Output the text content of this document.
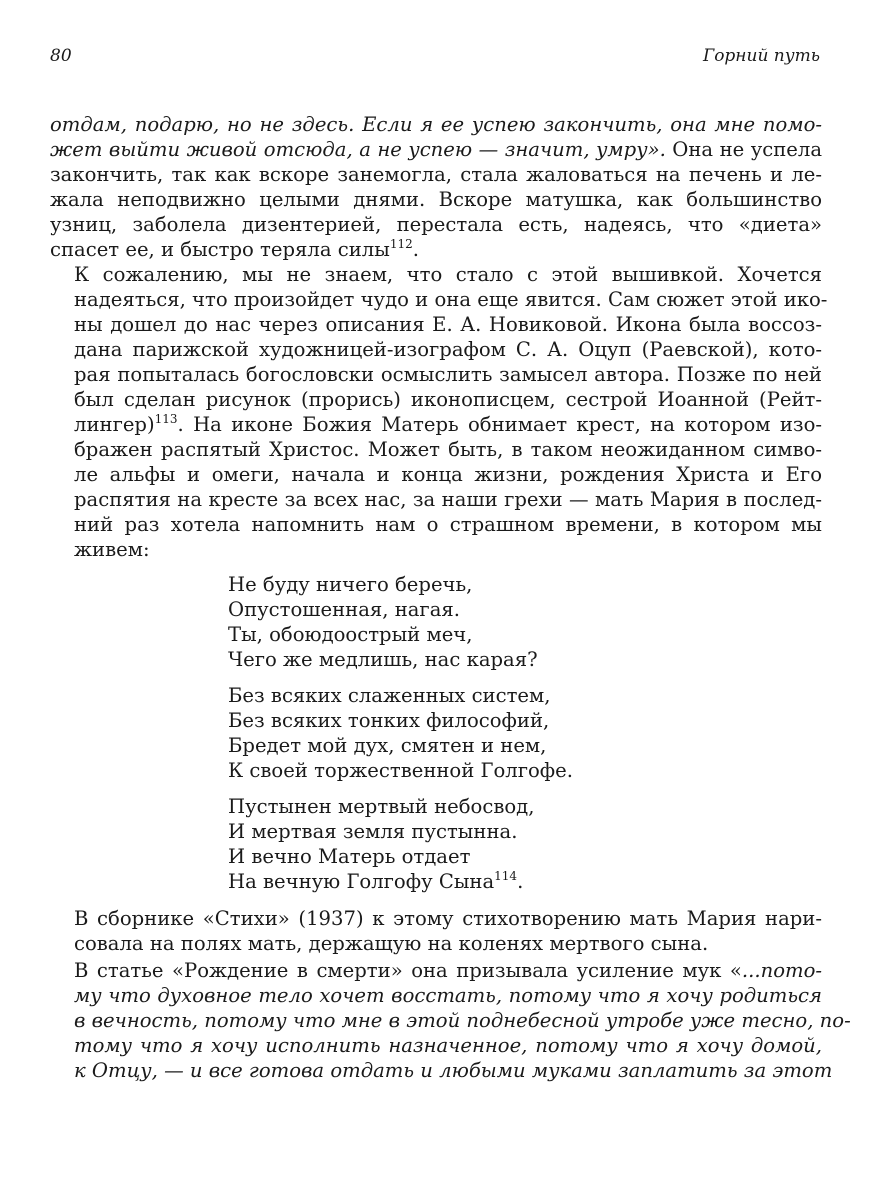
80	Горний путь

отдам, подарю, но не здесь. Если я ее успею закончить, она мне помо-
жет выйти живой отсюда, а не успею — значит, умру». Она не успела
закончить, так как вскоре занемогла, стала жаловаться на печень и ле-
жала неподвижно целыми днями. Вскоре матушка, как большинство
узниц, заболела дизентерией, перестала есть, надеясь, что «диета»
спасет ее, и быстро теряла силы$^{112}$.

К сожалению, мы не знаем, что стало с этой вышивкой. Хочется
надеяться, что произойдет чудо и она еще явится. Сам сюжет этой ико-
ны дошел до нас через описания Е. А. Новиковой. Икона была воссоз-
дана парижской художницей-изографом С. А. Оцуп (Раевской), кото-
рая попыталась богословски осмыслить замысел автора. Позже по ней
был сделан рисунок (прорись) иконописцем, сестрой Иоанной (Рейт-
лингер)$^{113}$. На иконе Божия Матерь обнимает крест, на котором изо-
бражен распятый Христос. Может быть, в таком неожиданном симво-
ле альфы и омеги, начала и конца жизни, рождения Христа и Его
распятия на кресте за всех нас, за наши грехи — мать Мария в послед-
ний раз хотела напомнить нам о страшном времени, в котором мы
живем:

Не буду ничего беречь,
Опустошенная, нагая.
Ты, обоюдоострый меч,
Чего же медлишь, нас карая?
Без всяких слаженных систем,
Без всяких тонких философий,
Бредет мой дух, смятен и нем,
К своей торжественной Голгофе.
Пустынен мертвый небосвод,
И мертвая земля пустынна.
И вечно Матерь отдает
На вечную Голгофу Сына$^{114}$.

В сборнике «Стихи» (1937) к этому стихотворению мать Мария нари-
совала на полях мать, держащую на коленях мертвого сына.

В статье «Рождение в смерти» она призывала усиление мук «...пото-
му что духовное тело хочет восстать, потому что я хочу родиться
в вечность, потому что мне в этой поднебесной утробе уже тесно, по-
тому что я хочу исполнить назначенное, потому что я хочу домой,
к Отцу, — и все готова отдать и любыми муками заплатить за этот
